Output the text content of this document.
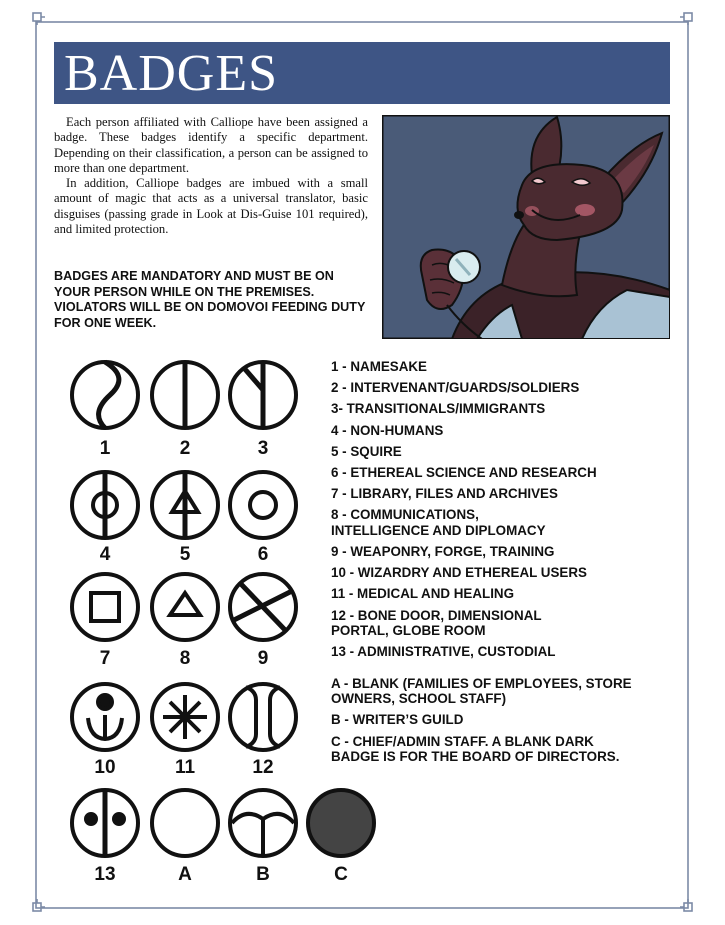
BADGES

Each person affiliated with Calliope have been assigned a badge. These badges identify a specific department. Depending on their classification, a person can be assigned to more than one department.

In addition, Calliope badges are imbued with a small amount of magic that acts as a universal translator, basic disguises (passing grade in Look at Dis-Guise 101 required), and limited protection.

BADGES ARE MANDATORY AND MUST BE ON YOUR PERSON WHILE ON THE PREMISES. VIOLATORS WILL BE ON DOMOVOI FEEDING DUTY FOR ONE WEEK.
1	2	3
4	5	6
7	8	9
10	11	12
13	A	B	C
1 - NAMESAKE
2 - INTERVENANT/GUARDS/SOLDIERS
3- TRANSITIONALS/IMMIGRANTS
4 - NON-HUMANS
5 - SQUIRE
6 - ETHEREAL SCIENCE AND RESEARCH
7 - LIBRARY, FILES AND ARCHIVES
8 - COMMUNICATIONS,
INTELLIGENCE AND DIPLOMACY
9 - WEAPONRY, FORGE, TRAINING
10 - WIZARDRY AND ETHEREAL USERS
11 - MEDICAL AND HEALING
12 - BONE DOOR, DIMENSIONAL
PORTAL, GLOBE ROOM
13 - ADMINISTRATIVE, CUSTODIAL
A - BLANK (FAMILIES OF EMPLOYEES, STORE
OWNERS, SCHOOL STAFF)
B - WRITER’S GUILD
C - CHIEF/ADMIN STAFF. A BLANK DARK
BADGE IS FOR THE BOARD OF DIRECTORS.
